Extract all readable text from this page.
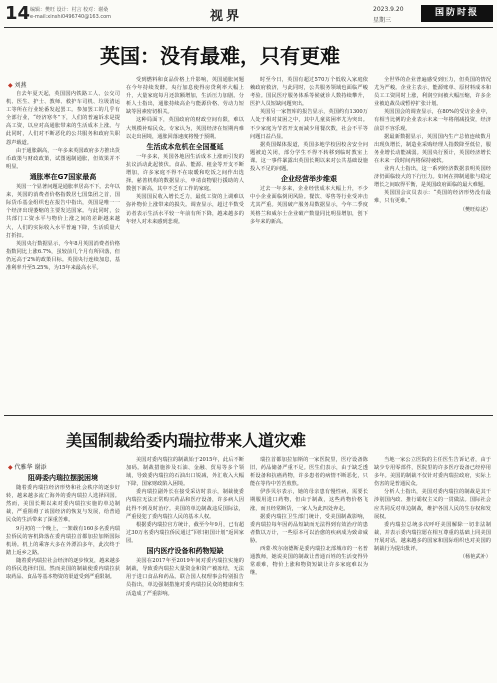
14 编辑：樊旺 设计：村言 校对：谢桑
e-mail:xinshi0496740@163.com	视界	2023.9.20
星期三
国防时报
英国：没有最难，只有更难
◆ 刘燕

自去年夏天起，英国国内铁路工人、公交司机、医生、护士、教师、救护车司机、垃圾清运工等所在行业轮番发起罢工。参加罢工的几乎有全部行业，“经济寒冬”下，人们的普遍诉求是提高工资，以应对高通胀带来的生活成本上涨。与此同时，人们对不断恶化的公共服务和政府失职怨声载道。

由于通胀飙高，一年多来英国政府多方推出货币政策与财政政策，试图遏制通胀，但效果并不明显。

通胀率在G7国家最高

英国一个显著问题是通胀率居高不下。去年以来，英国的消费者价格指数居七国集团之首，国际货币基金组织也在报告中指出，英国是唯一一个经济出现萎缩的主要发达国家。与此同时，公共部门工资水平与物价上涨之间的差距越来越大，人们的实际收入水平普遍下降，生活质量大打折扣。

英国央行数据显示，今年8月英国消费者价格指数同比上涨6.7%，虽较前几个月有所回落，但仍远高于2%的政策目标。英国央行连续加息，基准利率升至5.25%，为15年来最高水平。

受到燃料和食品价格上升影响，英国通胀问题在今年持续发酵。央行加息使得房贷利率大幅上升，大量家庭每月还款额增加，生活压力加剧。分析人士指出，通胀持续高企与能源价格、劳动力短缺等因素密切相关。

这种局面下，英国政府的财政空间有限，难以大规模补贴民众。专家认为，英国经济在短期内难以走出困境，通胀回落速度将慢于预期。

生活成本危机在全国蔓延

一年多来，英国各地因生活成本上涨而引发的抗议活动此起彼伏。食品、能源、租金等开支不断增加，许多家庭不得不在取暖和吃饭之间作出选择。慈善机构的数据显示，申请食物银行援助的人数创下新高，其中不乏有工作的家庭。

英国国民收入增长乏力，最低工资的上调难以弥补物价上涨带来的损失。调查显示，超过半数受访者表示生活水平较一年前有所下降，越来越多的年轻人对未来感到悲观。

时至今日，英国有超过570万个低收入家庭依赖政府救济，与此同时，公共服务领域也面临严峻考验。国民医疗服务体系等候就诊人数持续攀升，医护人员短缺问题突出。

英国另一家智库的报告显示，英国约有1300万人处于相对贫困之中，其中儿童贫困率尤为突出。不少家庭为节省开支而减少用餐次数，社会不平等问题日益凸显。

据英国媒体报道，英国多地学校因校舍安全问题被迫关闭，部分学生不得不转移到临时教室上课。这一事件暴露出英国长期以来对公共基础设施投入不足的问题。

企业经营举步维艰

过去一年多来，企业经营成本大幅上升，不少中小企业面临倒闭风险。餐饮、零售等行业受冲击尤其严重。英国破产服务局数据显示，今年二季度英格兰和威尔士企业破产数量同比明显增加，创下多年来的新高。

全世界的企业普遍感受到压力，但英国的情况尤为严峻。企业主表示，能源账单、原材料成本和员工工资同时上涨，利润空间被大幅压缩，许多企业被迫裁员或暂停扩张计划。

英国国会的调查显示，在80%的受访企业中，有相当比例的企业表示未来一年将削减投资，经济前景不容乐观。

据最新数据显示，英国国内生产总值连续数月出现负增长，制造业采购经理人指数降至低位，服务业增长动能减弱。英国央行预计，英国经济增长在未来一段时间内将保持疲软。

业内人士指出，这一系列经济数据表明英国经济仍面临较大的下行压力。如何在抑制通胀与稳定增长之间取得平衡，是英国政府面临的最大难题。

英国国会议员表示：“英国的经济形势没有最难，只有更难。”

（樊旺综述）

美国制裁给委内瑞拉带来人道灾难
◆ 代雅华 谢添
阻碍委内瑞拉摆脱困境

随着委内瑞拉经济形势和社会秩序的逐步好转，越来越多流亡海外的委内瑞拉人选择回国。然而，美国长期以来对委内瑞拉实施的单边制裁，严重阻碍了该国经济的恢复与发展，给普通民众的生活带来了深重苦难。

9月初的一个晚上，一架载有160多名委内瑞拉侨民的客机降落在委内瑞拉首都加拉加斯国际机场。机上的乘客大多在外漂泊多年，此次终于踏上返乡之路。

随着委内瑞拉社会经济的逐步恢复，越来越多的侨民选择归国。然而美国的制裁使委内瑞拉获取药品、食品等基本物资的渠道受到严重限制。

美国对委内瑞拉的制裁始于2015年，此后不断加码。制裁措施涉及石油、金融、贸易等多个领域，导致委内瑞拉的石油出口锐减，外汇收入大幅下降，国家财政陷入困境。

委内瑞拉副外长在接受采访时表示，制裁使委内瑞拉无法正常购买药品和医疗设备，许多病人因此得不到及时治疗。美国的单边制裁违反国际法，严重侵犯了委内瑞拉人民的基本人权。

根据委内瑞拉官方统计，截至今年9月，已有超过30万名委内瑞拉侨民通过“回归祖国计划”返回家园。

国内医疗设备和药物短缺

美国在2017年至2019年间对委内瑞拉实施的制裁，导致委内瑞拉大量资金和资产被冻结，无法用于进口食品和药品。联合国人权理事会特别报告员指出，单边强制措施对委内瑞拉民众的健康和生活造成了严重影响。

瑞拉首都加拉加斯的一家医院里，医疗设备陈旧，药品储备严重不足。医生们表示，由于缺乏透析设备和抗癌药物，许多患者的病情不断恶化，只能在等待中苦苦煎熬。

伊莎贝尔表示，她的母亲患有慢性病，需要长期服用进口药物，但由于制裁，这些药物价格飞涨，而且经常断货，一家人为此四处奔走。

据委内瑞拉卫生部门统计，受美国制裁影响，委内瑞拉每年因药品短缺而无法得到有效治疗的患者数以万计，一些原本可以治愈的疾病成为致命威胁。

西蒙·埃尔南德斯是委内瑞拉北部城市的一名普通教师，她说美国的制裁让普通百姓的生活变得异常艰难，物价上涨和物资短缺让许多家庭难以为继。

当地一家公立医院的主任医生告诉记者，由于缺少专用零部件，医院里的许多医疗设备已经停用多年。美国的制裁不仅针对委内瑞拉政府，实际上伤害的是普通民众。

分析人士指出，美国对委内瑞拉的制裁是其干涉别国内政、推行霸权主义的一贯做法。国际社会应共同反对单边制裁，维护各国人民的生存权和发展权。

委内瑞拉总统多次呼吁美国解除一切非法制裁，并表示委内瑞拉愿在相互尊重的基础上同美国开展对话。越来越多的国家和国际组织也对美国的制裁行为提出批评。

（杨艳武补）
